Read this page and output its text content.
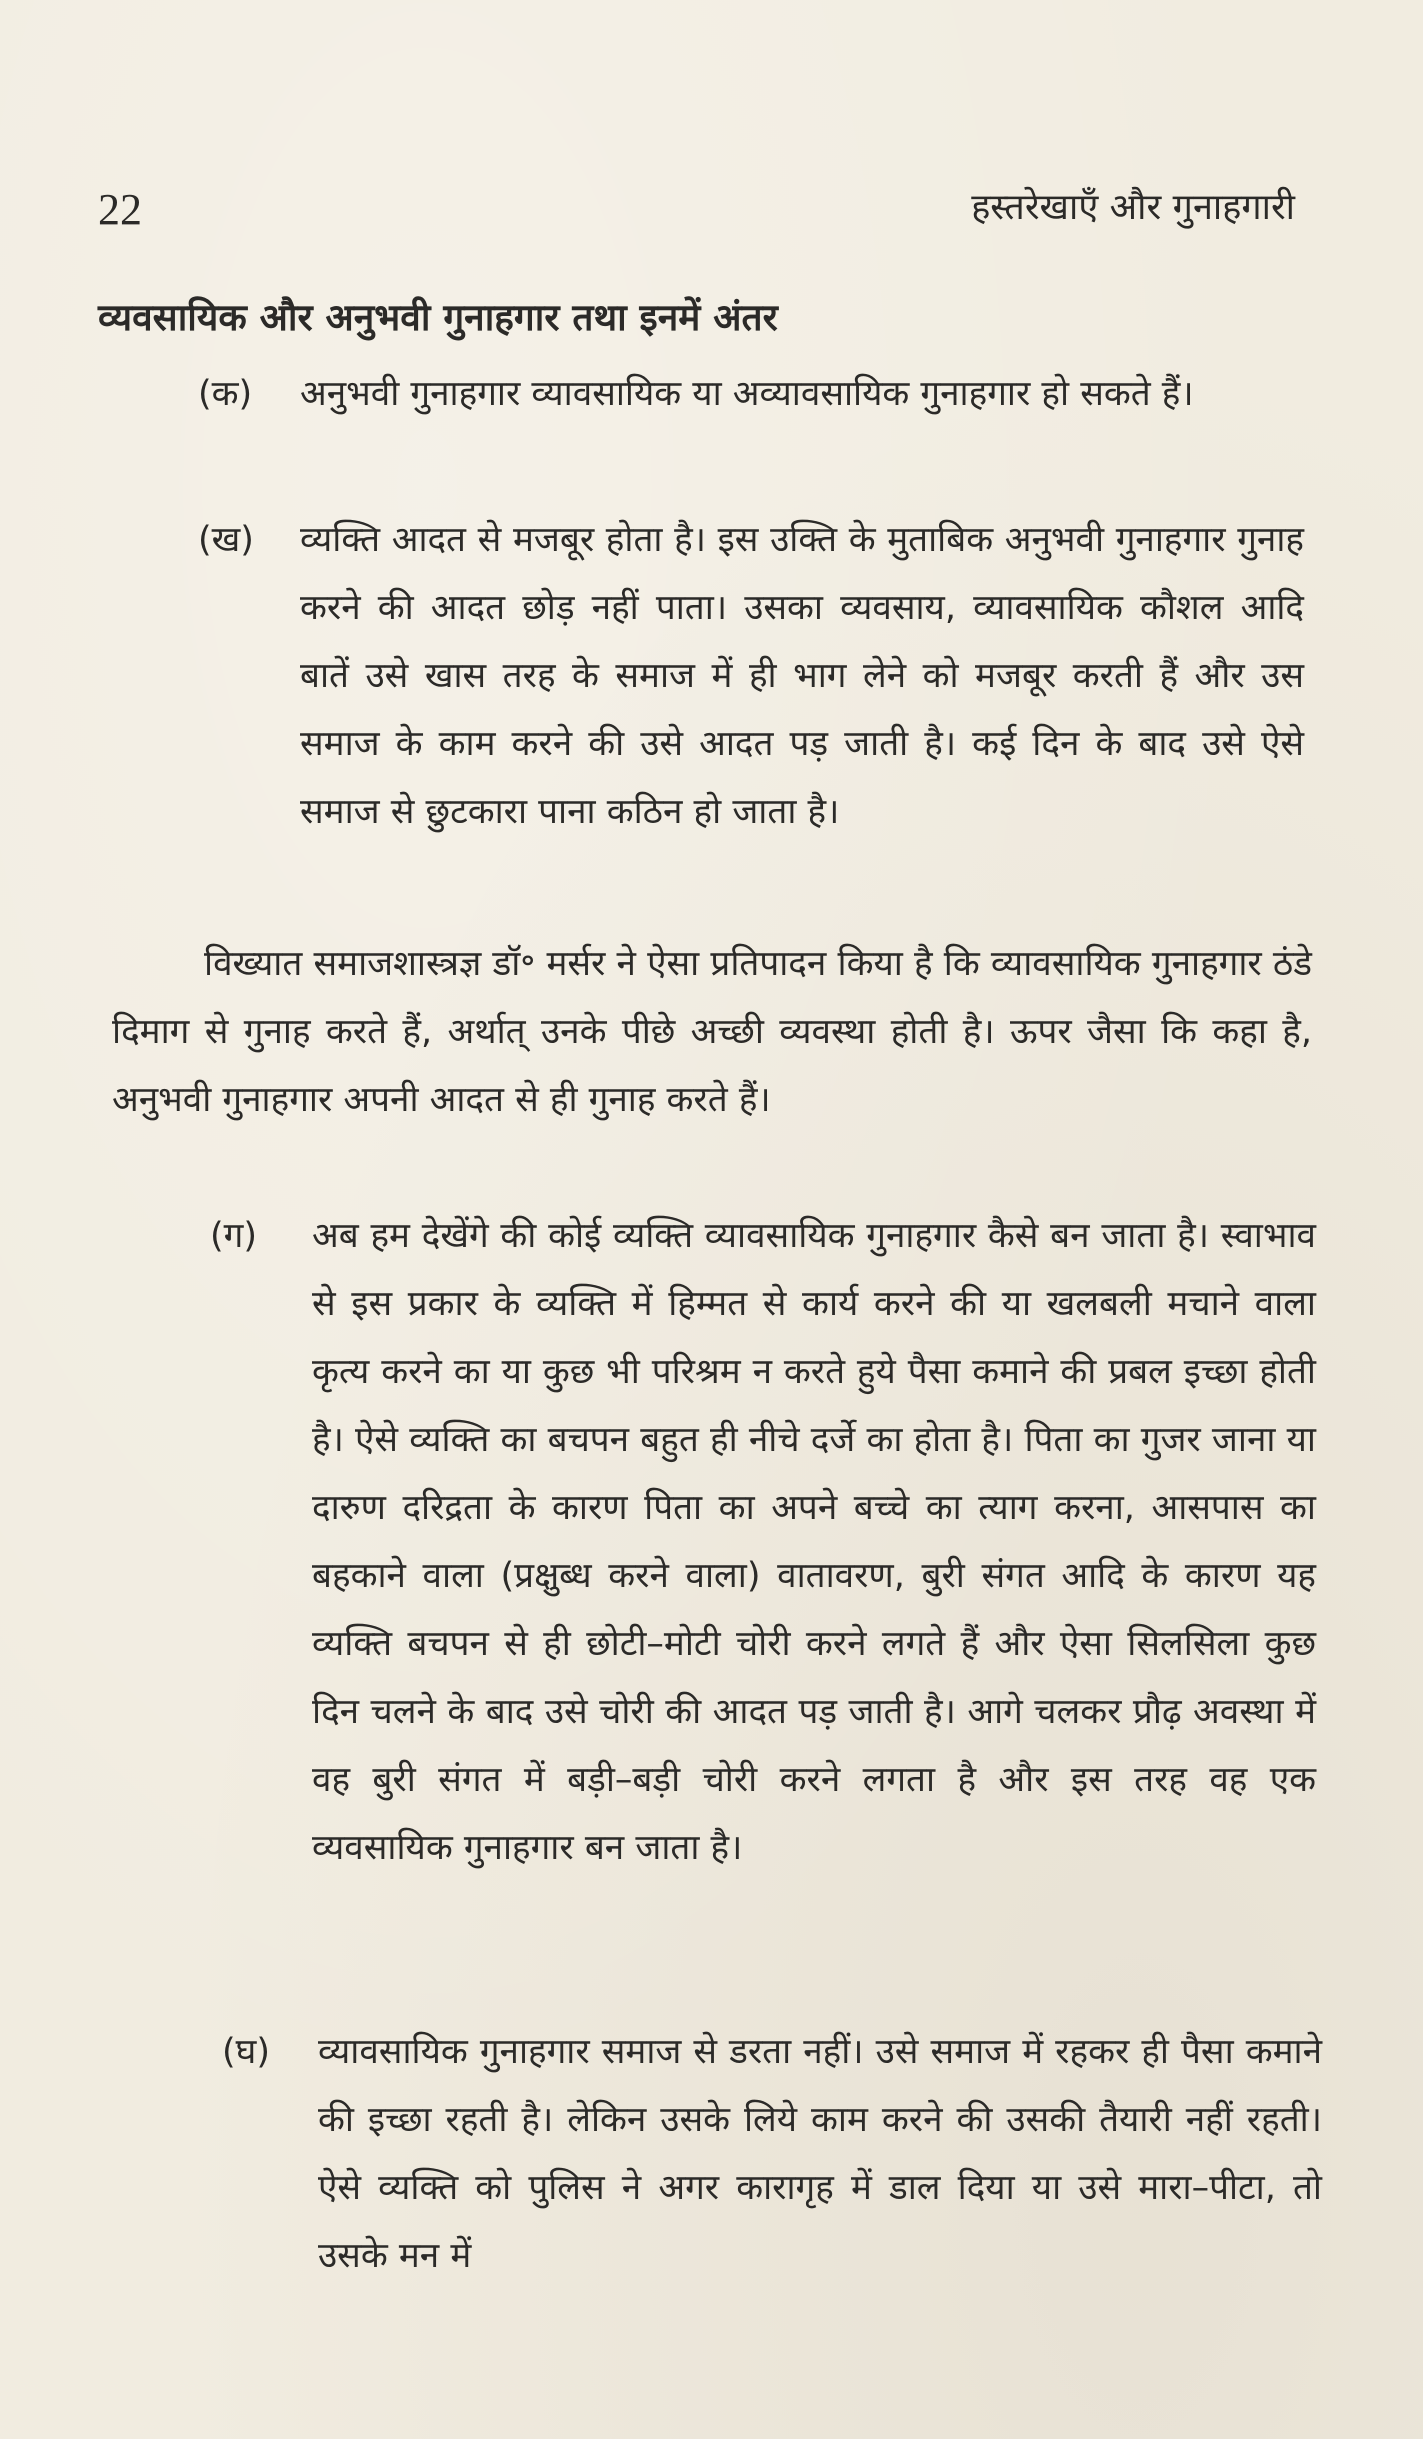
22	हस्तरेखाएँ और गुनाहगारी

व्यवसायिक और अनुभवी गुनाहगार तथा इनमें अंतर
(क) अनुभवी गुनाहगार व्यावसायिक या अव्यावसायिक गुनाहगार हो सकते हैं।

(ख) व्यक्ति आदत से मजबूर होता है। इस उक्ति के मुताबिक अनुभवी गुनाहगार गुनाह करने की आदत छोड़ नहीं पाता। उसका व्यवसाय, व्यावसायिक कौशल आदि बातें उसे खास तरह के समाज में ही भाग लेने को मजबूर करती हैं और उस समाज के काम करने की उसे आदत पड़ जाती है। कई दिन के बाद उसे ऐसे समाज से छुटकारा पाना कठिन हो जाता है।

विख्यात समाजशास्त्रज्ञ डॉ॰ मर्सर ने ऐसा प्रतिपादन किया है कि व्यावसायिक गुनाहगार ठंडे दिमाग से गुनाह करते हैं, अर्थात् उनके पीछे अच्छी व्यवस्था होती है। ऊपर जैसा कि कहा है, अनुभवी गुनाहगार अपनी आदत से ही गुनाह करते हैं।

(ग) अब हम देखेंगे की कोई व्यक्ति व्यावसायिक गुनाहगार कैसे बन जाता है। स्वाभाव से इस प्रकार के व्यक्ति में हिम्मत से कार्य करने की या खलबली मचाने वाला कृत्य करने का या कुछ भी परिश्रम न करते हुये पैसा कमाने की प्रबल इच्छा होती है। ऐसे व्यक्ति का बचपन बहुत ही नीचे दर्जे का होता है। पिता का गुजर जाना या दारुण दरिद्रता के कारण पिता का अपने बच्चे का त्याग करना, आसपास का बहकाने वाला (प्रक्षुब्ध करने वाला) वातावरण, बुरी संगत आदि के कारण यह व्यक्ति बचपन से ही छोटी–मोटी चोरी करने लगते हैं और ऐसा सिलसिला कुछ दिन चलने के बाद उसे चोरी की आदत पड़ जाती है। आगे चलकर प्रौढ़ अवस्था में वह बुरी संगत में बड़ी–बड़ी चोरी करने लगता है और इस तरह वह एक व्यवसायिक गुनाहगार बन जाता है।

(घ) व्यावसायिक गुनाहगार समाज से डरता नहीं। उसे समाज में रहकर ही पैसा कमाने की इच्छा रहती है। लेकिन उसके लिये काम करने की उसकी तैयारी नहीं रहती। ऐसे व्यक्ति को पुलिस ने अगर कारागृह में डाल दिया या उसे मारा–पीटा, तो उसके मन में
